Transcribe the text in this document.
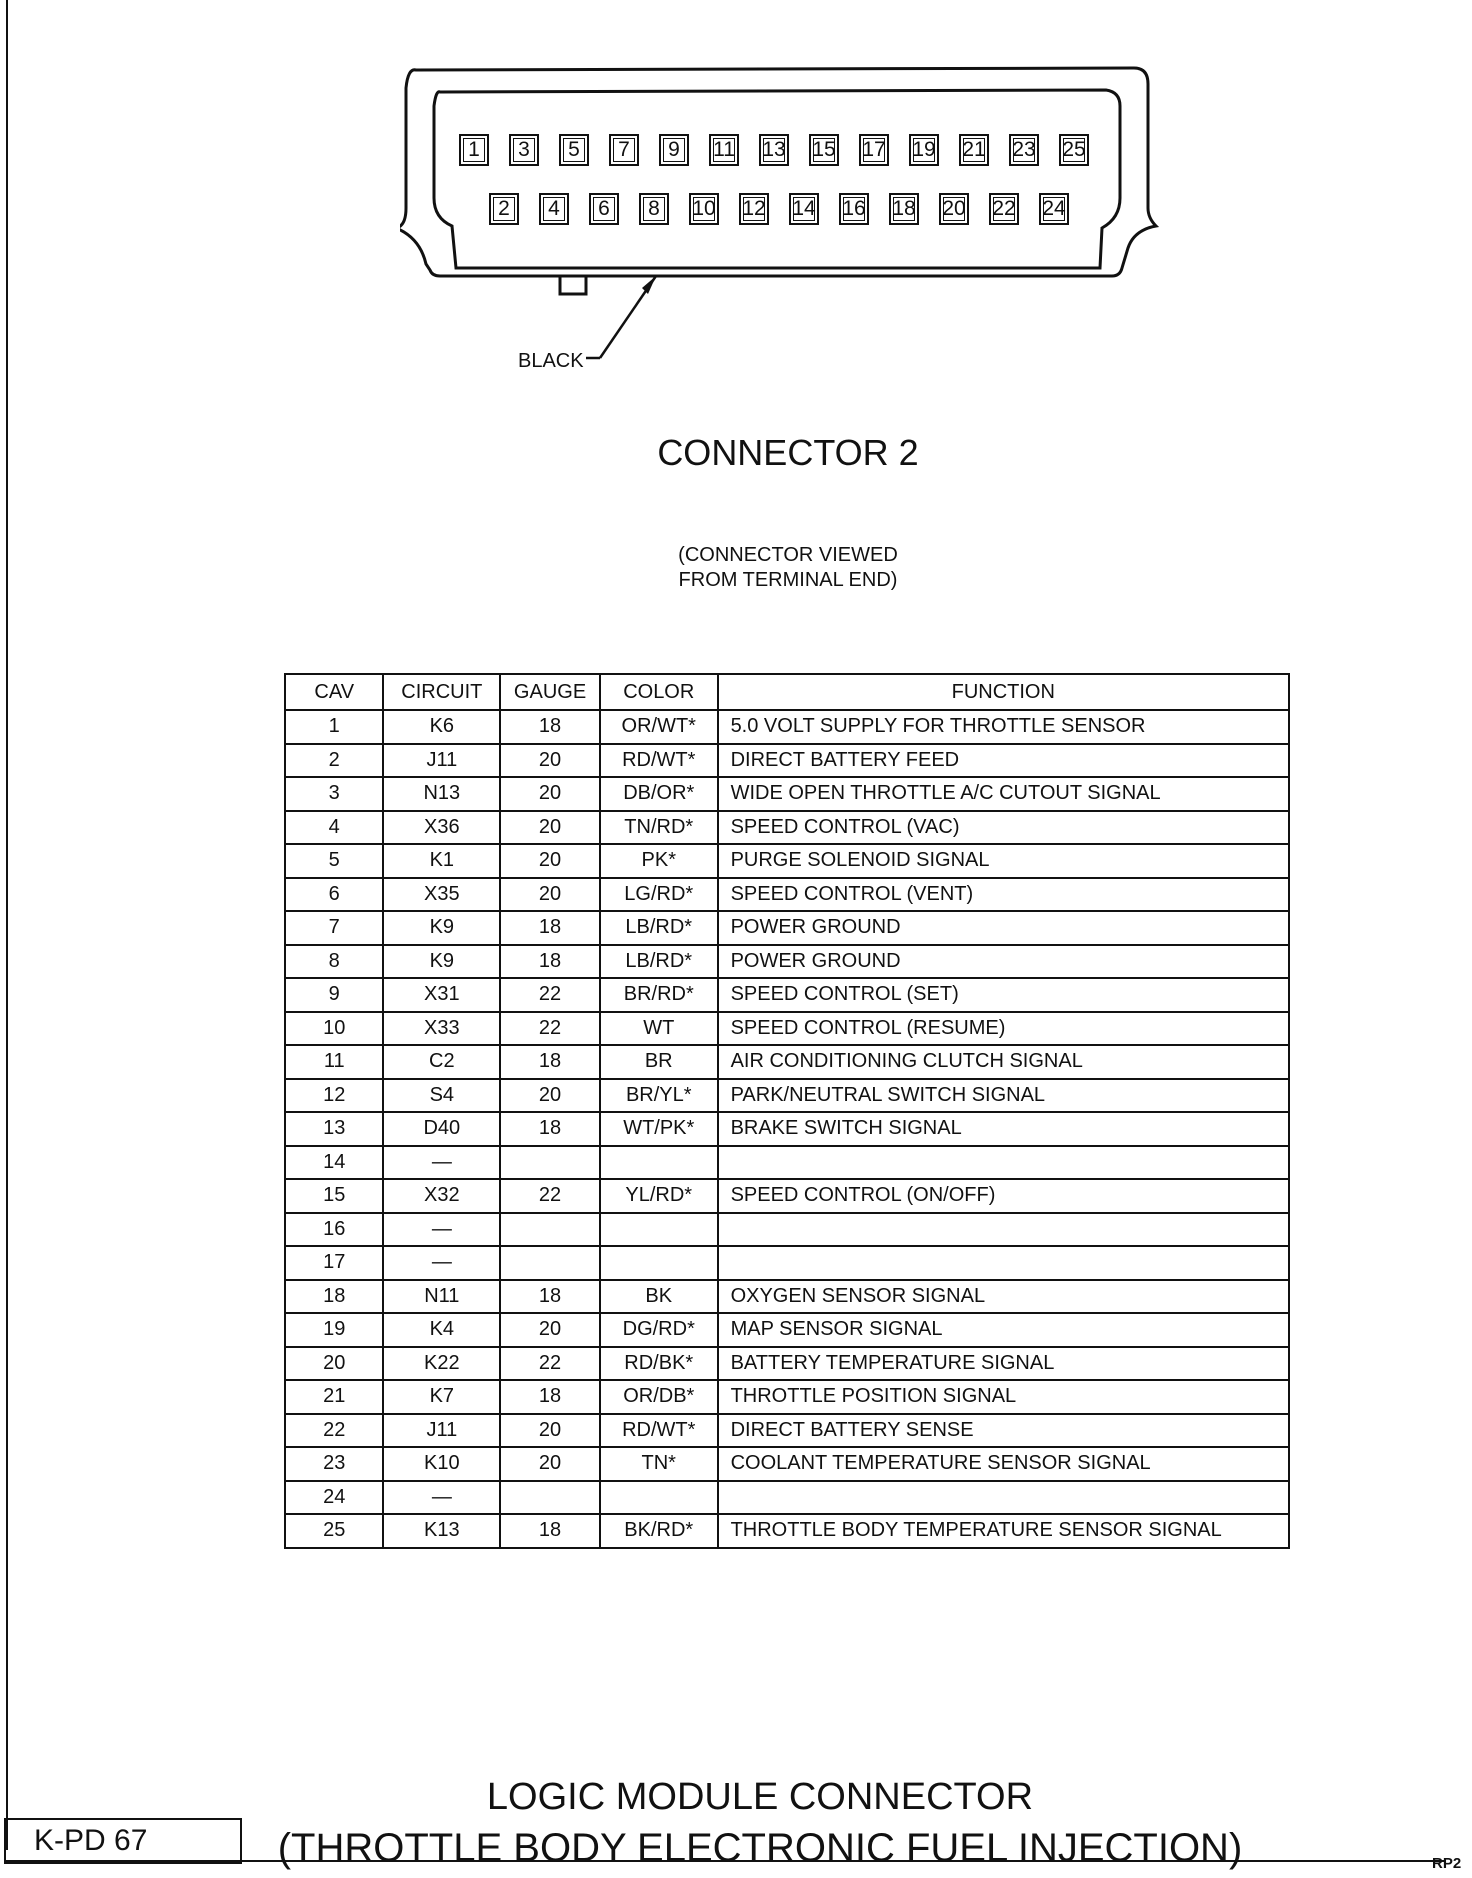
1	3	5	7	9	11 13 15 17 19 21 23 25
2	4	6	8	10 12 14 16 18 20 22 24
BLACK
CONNECTOR 2
(CONNECTOR VIEWED
FROM TERMINAL END)
CAV	CIRCUIT	GAUGE	COLOR	FUNCTION
1	K6	18	OR/WT*	5.0 VOLT SUPPLY FOR THROTTLE SENSOR
2	J11	20	RD/WT*	DIRECT BATTERY FEED
3	N13	20	DB/OR*	WIDE OPEN THROTTLE A/C CUTOUT SIGNAL
4	X36	20	TN/RD*	SPEED CONTROL (VAC)
5	K1	20	PK*	PURGE SOLENOID SIGNAL
6	X35	20	LG/RD*	SPEED CONTROL (VENT)
7	K9	18	LB/RD*	POWER GROUND
8	K9	18	LB/RD*	POWER GROUND
9	X31	22	BR/RD*	SPEED CONTROL (SET)
10	X33	22	WT	SPEED CONTROL (RESUME)
11	C2	18	BR	AIR CONDITIONING CLUTCH SIGNAL
12	S4	20	BR/YL*	PARK/NEUTRAL SWITCH SIGNAL
13	D40	18	WT/PK*	BRAKE SWITCH SIGNAL
14	—			
15	X32	22	YL/RD*	SPEED CONTROL (ON/OFF)
16	—			
17	—			
18	N11	18	BK	OXYGEN SENSOR SIGNAL
19	K4	20	DG/RD*	MAP SENSOR SIGNAL
20	K22	22	RD/BK*	BATTERY TEMPERATURE SIGNAL
21	K7	18	OR/DB*	THROTTLE POSITION SIGNAL
22	J11	20	RD/WT*	DIRECT BATTERY SENSE
23	K10	20	TN*	COOLANT TEMPERATURE SENSOR SIGNAL
24	—			
25	K13	18	BK/RD*	THROTTLE BODY TEMPERATURE SENSOR SIGNAL
LOGIC MODULE CONNECTOR
(THROTTLE BODY ELECTRONIC FUEL INJECTION)
K-PD 67
RP2
